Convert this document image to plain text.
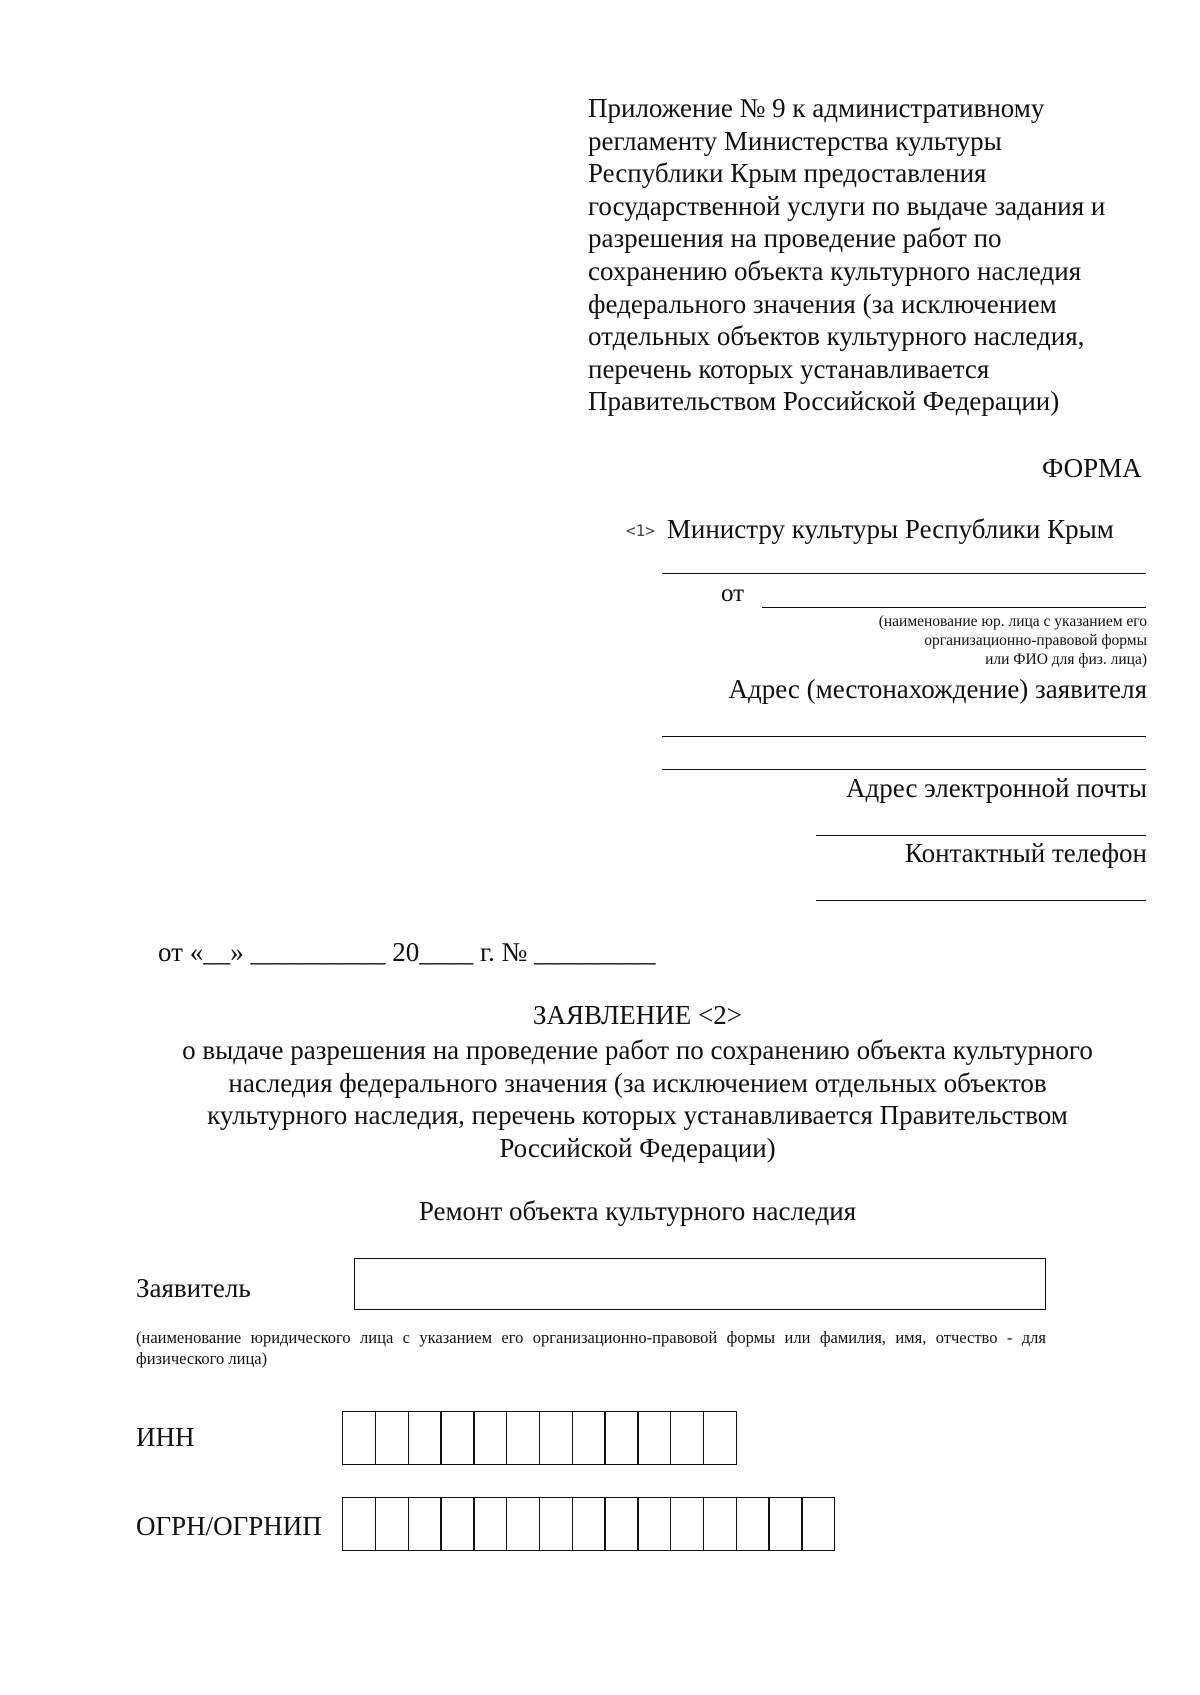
Приложение № 9 к административному
регламенту Министерства культуры
Республики Крым предоставления
государственной услуги по выдаче задания и
разрешения на проведение работ по
сохранению объекта культурного наследия
федерального значения (за исключением
отдельных объектов культурного наследия,
перечень которых устанавливается
Правительством Российской Федерации)
ФОРМА
<1> Министру культуры Республики Крым
от
(наименование юр. лица с указанием его
организационно-правовой формы
или ФИО для физ. лица)
Адрес (местонахождение) заявителя
Адрес электронной почты
Контактный телефон
от «__» __________ 20____ г. № _________
ЗАЯВЛЕНИЕ <2>
о выдаче разрешения на проведение работ по сохранению объекта культурного
наследия федерального значения (за исключением отдельных объектов
культурного наследия, перечень которых устанавливается Правительством
Российской Федерации)
Ремонт объекта культурного наследия
Заявитель
(наименование юридического лица с указанием его организационно-правовой формы или фамилия, имя, отчество - для физического лица)
ИНН
ОГРН/ОГРНИП
